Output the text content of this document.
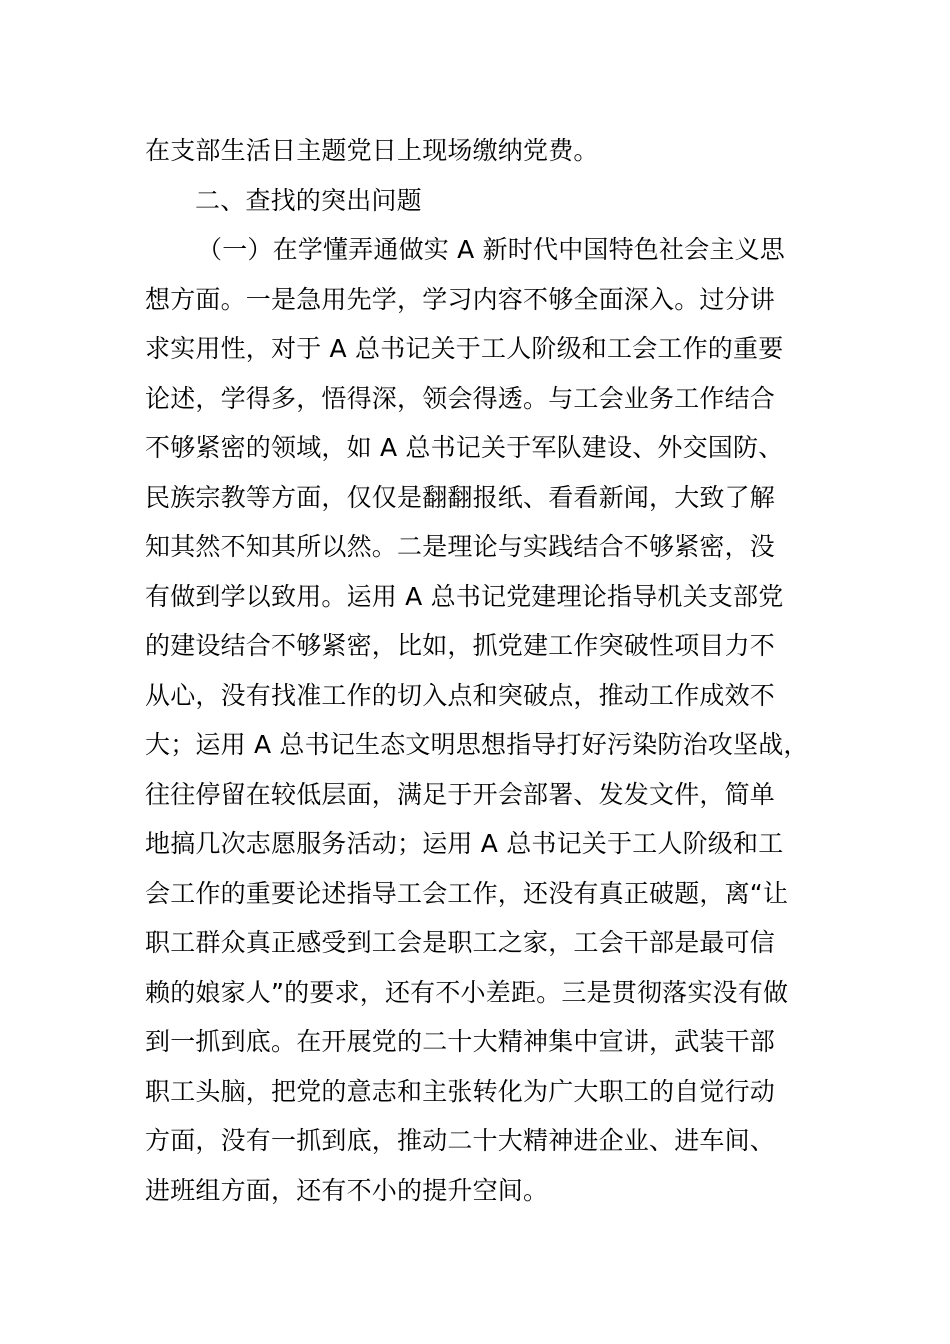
在支部生活日主题党日上现场缴纳党费。
二、查找的突出问题
（一）在学懂弄通做实 A 新时代中国特色社会主义思
想方面。一是急用先学，学习内容不够全面深入。过分讲
求实用性，对于 A 总书记关于工人阶级和工会工作的重要
论述，学得多，悟得深，领会得透。与工会业务工作结合
不够紧密的领域，如 A 总书记关于军队建设、外交国防、
民族宗教等方面，仅仅是翻翻报纸、看看新闻，大致了解
知其然不知其所以然。二是理论与实践结合不够紧密，没
有做到学以致用。运用 A 总书记党建理论指导机关支部党
的建设结合不够紧密，比如，抓党建工作突破性项目力不
从心，没有找准工作的切入点和突破点，推动工作成效不
大；运用 A 总书记生态文明思想指导打好污染防治攻坚战，
往往停留在较低层面，满足于开会部署、发发文件，简单
地搞几次志愿服务活动；运用 A 总书记关于工人阶级和工
会工作的重要论述指导工会工作，还没有真正破题，离“让
职工群众真正感受到工会是职工之家，工会干部是最可信
赖的娘家人”的要求，还有不小差距。三是贯彻落实没有做
到一抓到底。在开展党的二十大精神集中宣讲，武装干部
职工头脑，把党的意志和主张转化为广大职工的自觉行动
方面，没有一抓到底，推动二十大精神进企业、进车间、
进班组方面，还有不小的提升空间。
